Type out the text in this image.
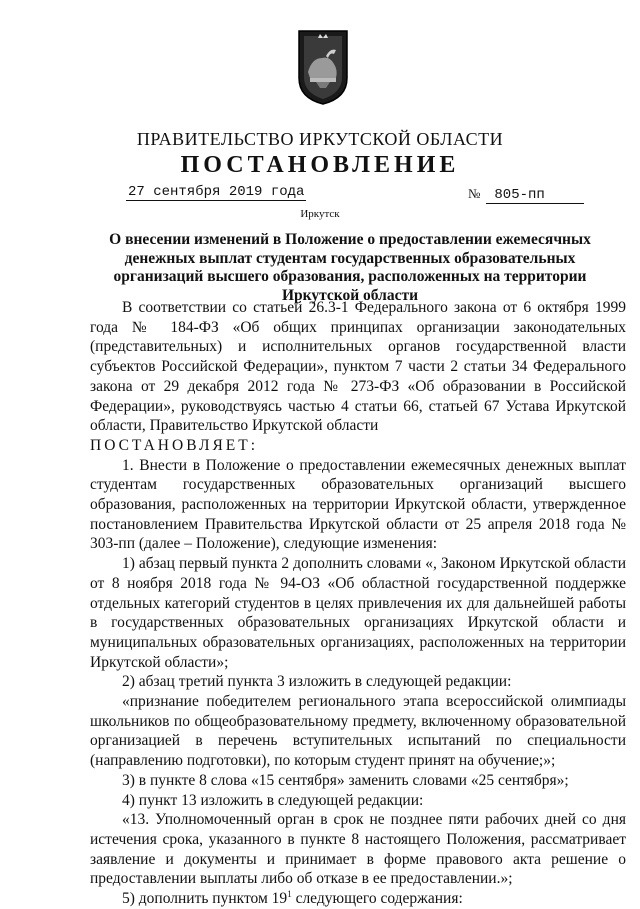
ПРАВИТЕЛЬСТВО ИРКУТСКОЙ ОБЛАСТИ
ПОСТАНОВЛЕНИЕ
27 сентября 2019 года	№ 805-пп
Иркутск
О внесении изменений в Положение о предоставлении ежемесячных денежных выплат студентам государственных образовательных организаций высшего образования, расположенных на территории Иркутской области

В соответствии со статьей 26.3-1 Федерального закона от 6 октября 1999 года № 184-ФЗ «Об общих принципах организации законодательных (представительных) и исполнительных органов государственной власти субъектов Российской Федерации», пунктом 7 части 2 статьи 34 Федерального закона от 29 декабря 2012 года № 273-ФЗ «Об образовании в Российской Федерации», руководствуясь частью 4 статьи 66, статьей 67 Устава Иркутской области, Правительство Иркутской области

ПОСТАНОВЛЯЕТ:

1. Внести в Положение о предоставлении ежемесячных денежных выплат студентам государственных образовательных организаций высшего образования, расположенных на территории Иркутской области, утвержденное постановлением Правительства Иркутской области от 25 апреля 2018 года № 303-пп (далее – Положение), следующие изменения:

1) абзац первый пункта 2 дополнить словами «, Законом Иркутской области от 8 ноября 2018 года № 94-ОЗ «Об областной государственной поддержке отдельных категорий студентов в целях привлечения их для дальнейшей работы в государственных образовательных организациях Иркутской области и муниципальных образовательных организациях, расположенных на территории Иркутской области»;

2) абзац третий пункта 3 изложить в следующей редакции:

«признание победителем регионального этапа всероссийской олимпиады школьников по общеобразовательному предмету, включенному образовательной организацией в перечень вступительных испытаний по специальности (направлению подготовки), по которым студент принят на обучение;»;

3) в пункте 8 слова «15 сентября» заменить словами «25 сентября»;

4) пункт 13 изложить в следующей редакции:

«13. Уполномоченный орган в срок не позднее пяти рабочих дней со дня истечения срока, указанного в пункте 8 настоящего Положения, рассматривает заявление и документы и принимает в форме правового акта решение о предоставлении выплаты либо об отказе в ее предоставлении.»;

5) дополнить пунктом $19^1$ следующего содержания:
